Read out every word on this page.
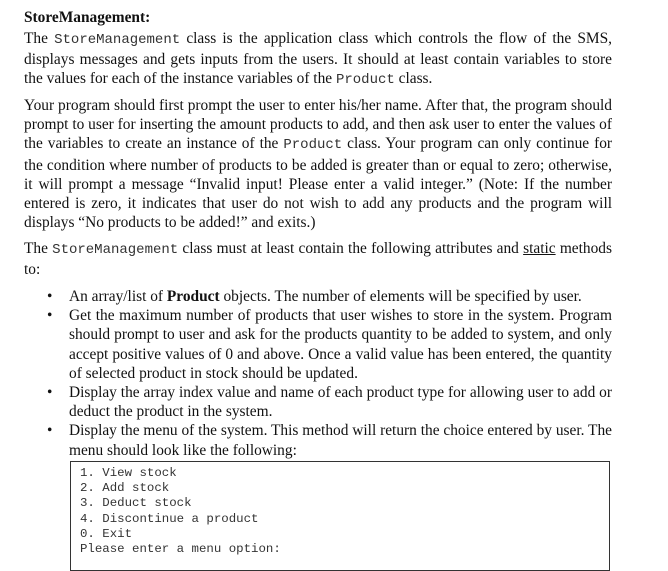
StoreManagement:

The StoreManagement class is the application class which controls the flow of the SMS, displays messages and gets inputs from the users. It should at least contain variables to store the values for each of the instance variables of the Product class.

Your program should first prompt the user to enter his/her name. After that, the program should prompt to user for inserting the amount products to add, and then ask user to enter the values of the variables to create an instance of the Product class. Your program can only continue for the condition where number of products to be added is greater than or equal to zero; otherwise, it will prompt a message “Invalid input! Please enter a valid integer.” (Note: If the number entered is zero, it indicates that user do not wish to add any products and the program will displays “No products to be added!” and exits.)

The StoreManagement class must at least contain the following attributes and static methods to:

• An array/list of Product objects. The number of elements will be specified by user.
• Get the maximum number of products that user wishes to store in the system. Program should prompt to user and ask for the products quantity to be added to system, and only accept positive values of 0 and above. Once a valid value has been entered, the quantity of selected product in stock should be updated.
• Display the array index value and name of each product type for allowing user to add or deduct the product in the system.
• Display the menu of the system. This method will return the choice entered by user. The menu should look like the following:
1. View stock
2. Add stock
3. Deduct stock
4. Discontinue a product
0. Exit
Please enter a menu option:
